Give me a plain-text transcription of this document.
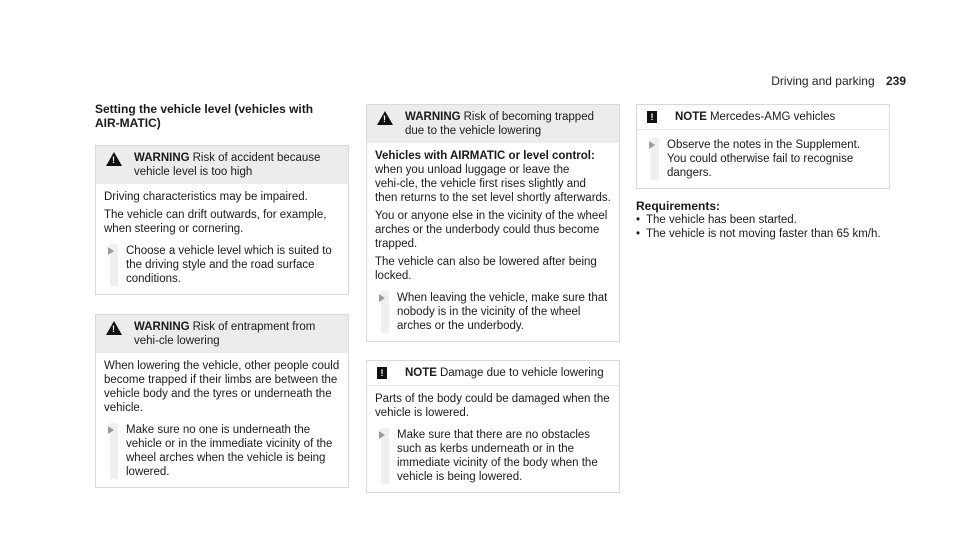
Driving and parking 239

Setting the vehicle level (vehicles with AIR‑MATIC)

! WARNING Risk of accident because vehicle level is too high

Driving characteristics may be impaired.

The vehicle can drift outwards, for example, when steering or cornering.

Choose a vehicle level which is suited to the driving style and the road surface conditions.
! WARNING Risk of entrapment from vehi‑cle lowering

When lowering the vehicle, other people could become trapped if their limbs are between the vehicle body and the tyres or underneath the vehicle.

Make sure no one is underneath the vehicle or in the immediate vicinity of the wheel arches when the vehicle is being lowered.
! WARNING Risk of becoming trapped due to the vehicle lowering

Vehicles with AIRMATIC or level control:

when you unload luggage or leave the vehi‑cle, the vehicle first rises slightly and then returns to the set level shortly afterwards.

You or anyone else in the vicinity of the wheel arches or the underbody could thus become trapped.

The vehicle can also be lowered after being locked.

When leaving the vehicle, make sure that nobody is in the vicinity of the wheel arches or the underbody.
!	NOTE Damage due to vehicle lowering

Parts of the body could be damaged when the vehicle is lowered.

Make sure that there are no obstacles such as kerbs underneath or in the immediate vicinity of the body when the vehicle is being lowered.
!	NOTE Mercedes‑AMG vehicles
Observe the notes in the Supplement. You could otherwise fail to recognise dangers.

Requirements:

• The vehicle has been started.
• The vehicle is not moving faster than 65 km/h.
